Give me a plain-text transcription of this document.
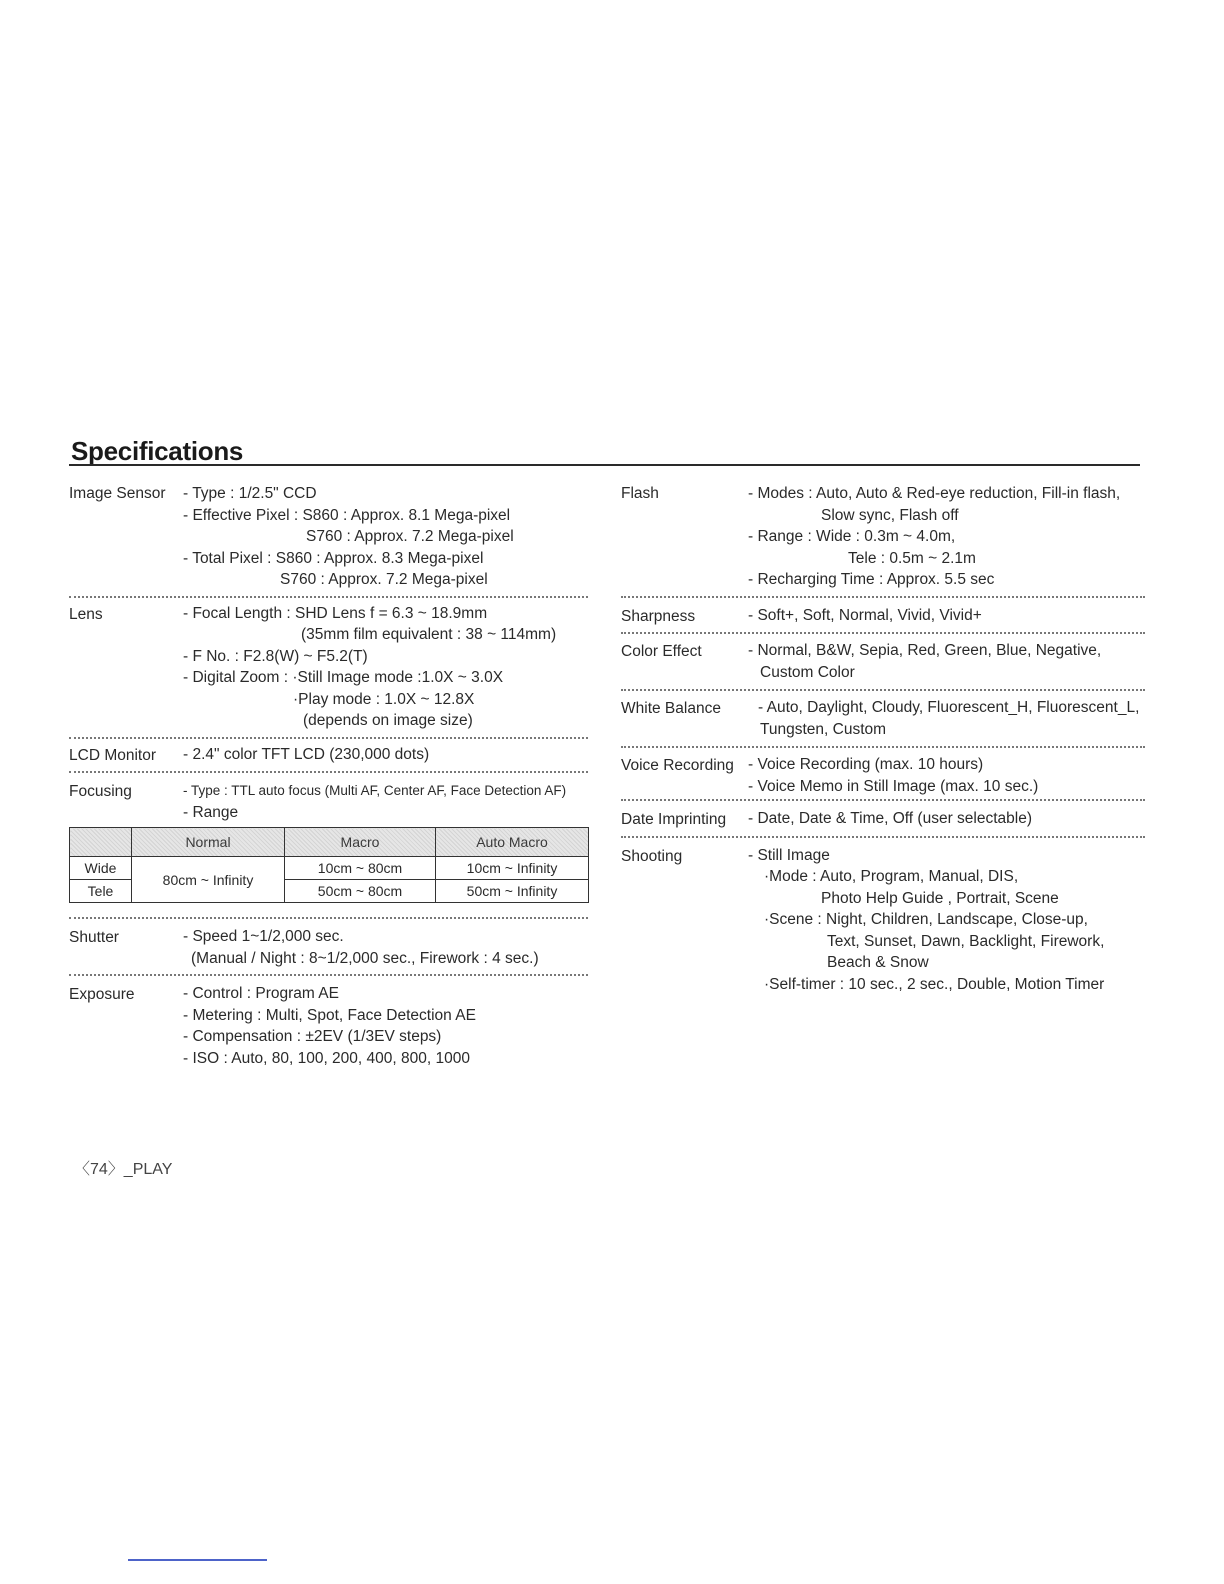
Specifications
Image Sensor - Type : 1/2.5" CCD
- Effective Pixel : S860 : Approx. 8.1 Mega-pixel
S760 : Approx. 7.2 Mega-pixel
- Total Pixel : S860 : Approx. 8.3 Mega-pixel
S760 : Approx. 7.2 Mega-pixel
Lens	- Focal Length : SHD Lens f = 6.3 ~ 18.9mm
(35mm film equivalent : 38 ~ 114mm)
- F No. : F2.8(W) ~ F5.2(T)
- Digital Zoom : ·Still Image mode :1.0X ~ 3.0X
·Play mode : 1.0X ~ 12.8X
(depends on image size)
LCD Monitor - 2.4" color TFT LCD (230,000 dots)
Focusing	- Type : TTL auto focus (Multi AF, Center AF, Face Detection AF)
- Range
	Normal	Macro	Auto Macro
Wide	80cm ~ Infinity	10cm ~ 80cm	10cm ~ Infinity
Tele		50cm ~ 80cm	50cm ~ Infinity
Shutter	- Speed 1~1/2,000 sec.
(Manual / Night : 8~1/2,000 sec., Firework : 4 sec.)
Exposure	- Control : Program AE
- Metering : Multi, Spot, Face Detection AE
- Compensation : ±2EV (1/3EV steps)
- ISO : Auto, 80, 100, 200, 400, 800, 1000
Flash	- Modes : Auto, Auto & Red-eye reduction, Fill-in flash,
Slow sync, Flash off
- Range : Wide : 0.3m ~ 4.0m,
Tele : 0.5m ~ 2.1m
- Recharging Time : Approx. 5.5 sec
Sharpness	- Soft+, Soft, Normal, Vivid, Vivid+
Color Effect	- Normal, B&W, Sepia, Red, Green, Blue, Negative,
Custom Color
White Balance - Auto, Daylight, Cloudy, Fluorescent_H, Fluorescent_L,
Tungsten, Custom
Voice Recording - Voice Recording (max. 10 hours)
- Voice Memo in Still Image (max. 10 sec.)
Date Imprinting - Date, Date & Time, Off (user selectable)
Shooting	- Still Image
·Mode : Auto, Program, Manual, DIS,
Photo Help Guide , Portrait, Scene
·Scene : Night, Children, Landscape, Close-up,
Text, Sunset, Dawn, Backlight, Firework,
Beach & Snow
·Self-timer : 10 sec., 2 sec., Double, Motion Timer
〈74〉_PLAY
